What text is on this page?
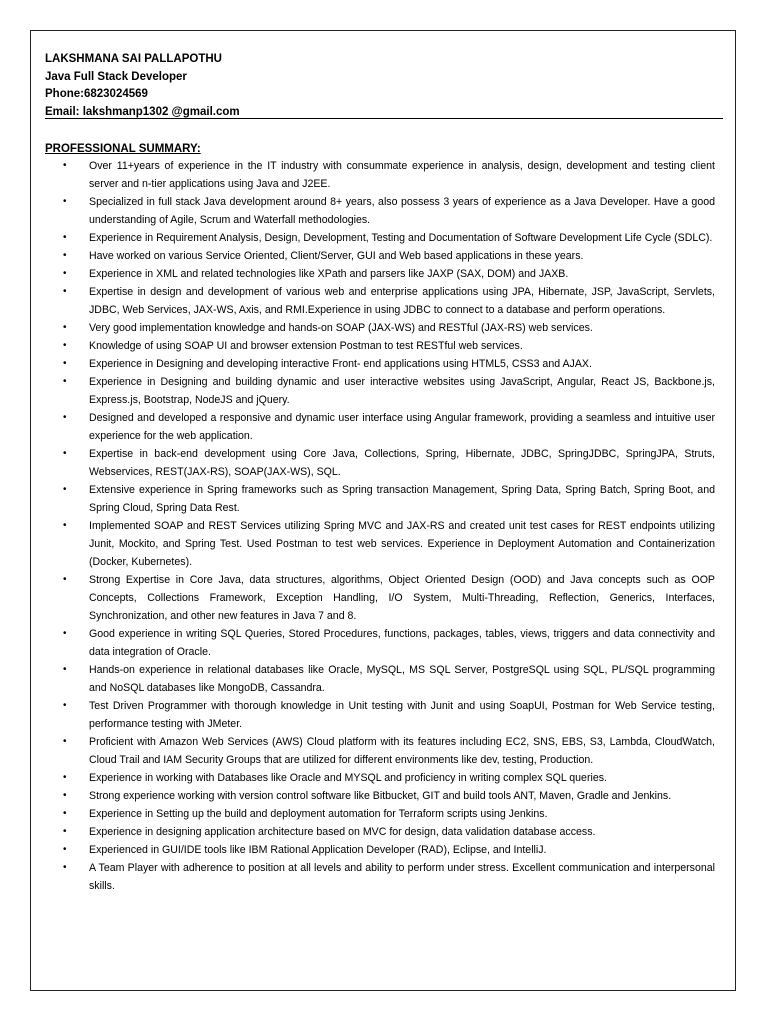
LAKSHMANA SAI PALLAPOTHU
Java Full Stack Developer
Phone:6823024569
Email: lakshmanp1302 @gmail.com
PROFESSIONAL SUMMARY:
• Over 11+years of experience in the IT industry with consummate experience in analysis, design, development and testing client server and n-tier applications using Java and J2EE.
• Specialized in full stack Java development around 8+ years, also possess 3 years of experience as a Java Developer. Have a good understanding of Agile, Scrum and Waterfall methodologies.
• Experience in Requirement Analysis, Design, Development, Testing and Documentation of Software Development Life Cycle (SDLC).
• Have worked on various Service Oriented, Client/Server, GUI and Web based applications in these years.
• Experience in XML and related technologies like XPath and parsers like JAXP (SAX, DOM) and JAXB.
• Expertise in design and development of various web and enterprise applications using JPA, Hibernate, JSP, JavaScript, Servlets, JDBC, Web Services, JAX-WS, Axis, and RMI.Experience in using JDBC to connect to a database and perform operations.
• Very good implementation knowledge and hands-on SOAP (JAX-WS) and RESTful (JAX-RS) web services.
• Knowledge of using SOAP UI and browser extension Postman to test RESTful web services.
• Experience in Designing and developing interactive Front- end applications using HTML5, CSS3 and AJAX.
• Experience in Designing and building dynamic and user interactive websites using JavaScript, Angular, React JS, Backbone.js, Express.js, Bootstrap, NodeJS and jQuery.
• Designed and developed a responsive and dynamic user interface using Angular framework, providing a seamless and intuitive user experience for the web application.
• Expertise in back-end development using Core Java, Collections, Spring, Hibernate, JDBC, SpringJDBC, SpringJPA, Struts, Webservices, REST(JAX-RS), SOAP(JAX-WS), SQL.
• Extensive experience in Spring frameworks such as Spring transaction Management, Spring Data, Spring Batch, Spring Boot, and Spring Cloud, Spring Data Rest.
• Implemented SOAP and REST Services utilizing Spring MVC and JAX-RS and created unit test cases for REST endpoints utilizing Junit, Mockito, and Spring Test. Used Postman to test web services. Experience in Deployment Automation and Containerization (Docker, Kubernetes).
• Strong Expertise in Core Java, data structures, algorithms, Object Oriented Design (OOD) and Java concepts such as OOP Concepts, Collections Framework, Exception Handling, I/O System, Multi-Threading, Reflection, Generics, Interfaces, Synchronization, and other new features in Java 7 and 8.
• Good experience in writing SQL Queries, Stored Procedures, functions, packages, tables, views, triggers and data connectivity and data integration of Oracle.
• Hands-on experience in relational databases like Oracle, MySQL, MS SQL Server, PostgreSQL using SQL, PL/SQL programming and NoSQL databases like MongoDB, Cassandra.
• Test Driven Programmer with thorough knowledge in Unit testing with Junit and using SoapUI, Postman for Web Service testing, performance testing with JMeter.
• Proficient with Amazon Web Services (AWS) Cloud platform with its features including EC2, SNS, EBS, S3, Lambda, CloudWatch, Cloud Trail and IAM Security Groups that are utilized for different environments like dev, testing, Production.
• Experience in working with Databases like Oracle and MYSQL and proficiency in writing complex SQL queries.
• Strong experience working with version control software like Bitbucket, GIT and build tools ANT, Maven, Gradle and Jenkins.
• Experience in Setting up the build and deployment automation for Terraform scripts using Jenkins.
• Experience in designing application architecture based on MVC for design, data validation database access.
• Experienced in GUI/IDE tools like IBM Rational Application Developer (RAD), Eclipse, and IntelliJ.
• A Team Player with adherence to position at all levels and ability to perform under stress. Excellent communication and interpersonal skills.
